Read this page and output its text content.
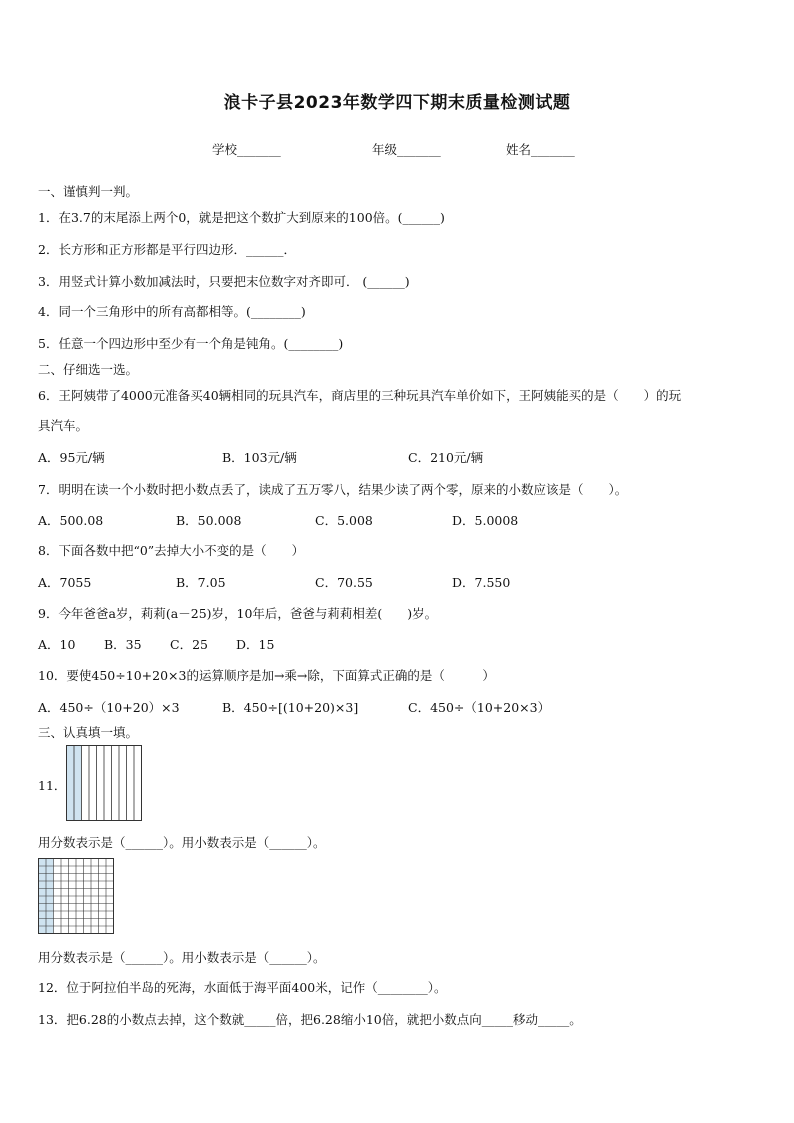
浪卡子县2023年数学四下期末质量检测试题
学校_______	年级_______	姓名_______
一、谨慎判一判。
1．在3.7的末尾添上两个0，就是把这个数扩大到原来的100倍。(______)
2．长方形和正方形都是平行四边形．______．
3．用竖式计算小数加减法时，只要把末位数字对齐即可． (______)
4．同一个三角形中的所有高都相等。(________)
5．任意一个四边形中至少有一个角是钝角。(________)
二、仔细选一选。
6．王阿姨带了4000元准备买40辆相同的玩具汽车，商店里的三种玩具汽车单价如下，王阿姨能买的是（　　）的玩
具汽车。
A．95元/辆	B．103元/辆	C．210元/辆
7．明明在读一个小数时把小数点丢了，读成了五万零八，结果少读了两个零，原来的小数应该是（　　）。
A．500.08	B．50.008	C．5.008	D．5.0008
8．下面各数中把“0”去掉大小不变的是（　　）
A．7055	B．7.05	C．70.55	D．7.550
9．今年爸爸a岁，莉莉(a－25)岁，10年后，爸爸与莉莉相差(　　)岁。
A．10 B．35 C．25 D．15
10．要使450÷10+20×3的运算顺序是加→乘→除，下面算式正确的是（　　　）
A．450÷（10+20）×3	B．450÷[(10+20)×3]	C．450÷（10+20×3）
三、认真填一填。
11．
用分数表示是（______）。用小数表示是（______）。
用分数表示是（______）。用小数表示是（______）。
12．位于阿拉伯半岛的死海，水面低于海平面400米，记作（________）。
13．把6.28的小数点去掉，这个数就_____倍，把6.28缩小10倍，就把小数点向_____移动_____。
